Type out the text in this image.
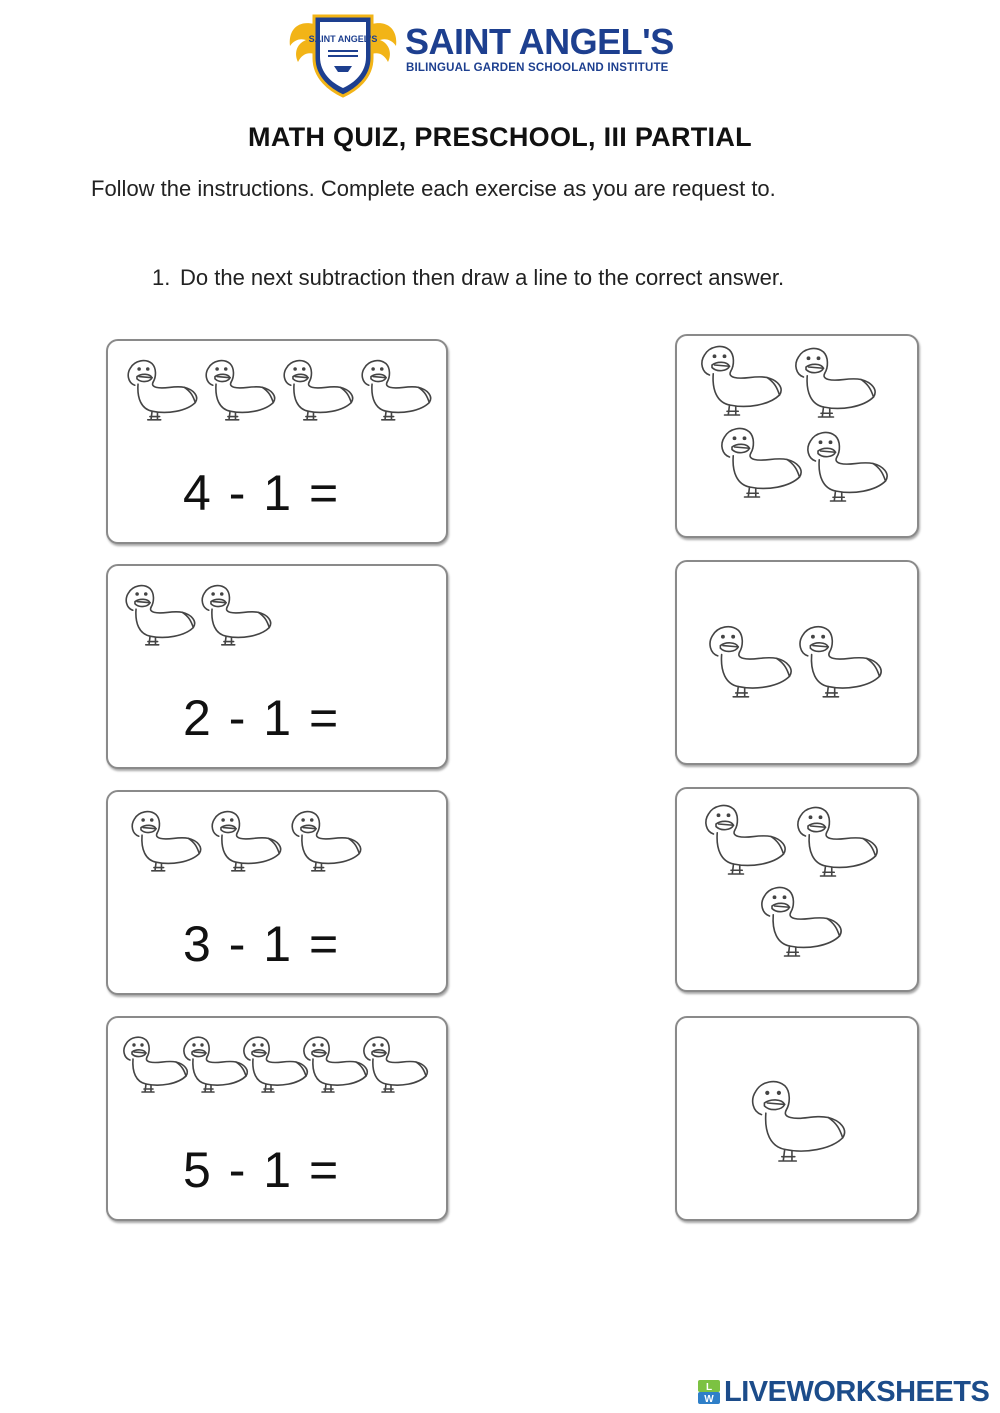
SAINT ANGEL'S SAINT ANGEL'S
BILINGUAL GARDEN SCHOOLAND INSTITUTE
MATH QUIZ, PRESCHOOL, III PARTIAL
Follow the instructions. Complete each exercise as you are request to.
1. Do the next subtraction then draw a line to the correct answer.
4 - 1 =
2 - 1 =
3 - 1 =
5 - 1 =
L
W LIVEWORKSHEETS
